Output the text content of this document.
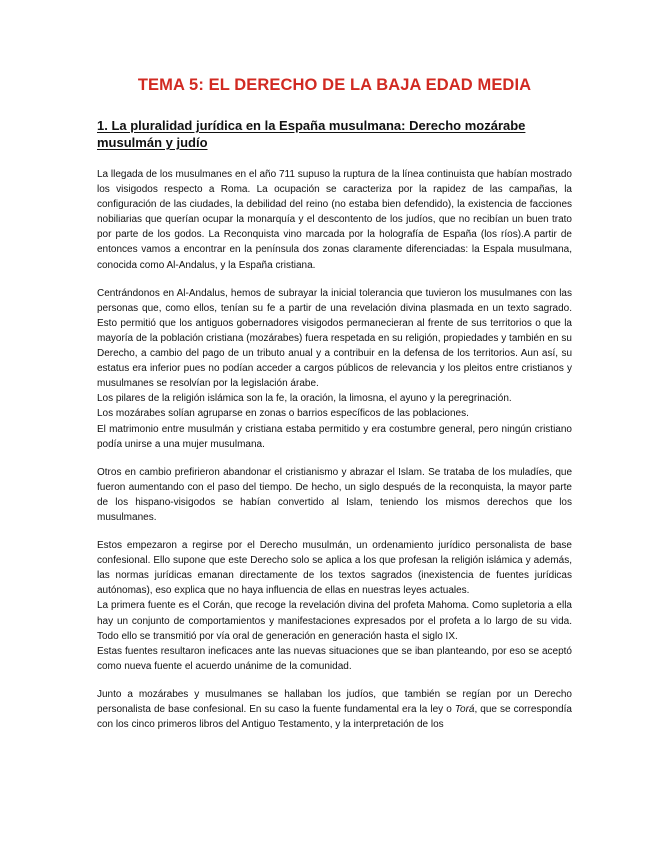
TEMA 5: EL DERECHO DE LA BAJA EDAD MEDIA
1. La pluralidad jurídica en la España musulmana: Derecho mozárabe musulmán y judío

La llegada de los musulmanes en el año 711 supuso la ruptura de la línea continuista que habían mostrado los visigodos respecto a Roma. La ocupación se caracteriza por la rapidez de las campañas, la configuración de las ciudades, la debilidad del reino (no estaba bien defendido), la existencia de facciones nobiliarias que querían ocupar la monarquía y el descontento de los judíos, que no recibían un buen trato por parte de los godos. La Reconquista vino marcada por la holografía de España (los ríos).A partir de entonces vamos a encontrar en la península dos zonas claramente diferenciadas: la Espala musulmana, conocida como Al-Andalus, y la España cristiana.

Centrándonos en Al-Andalus, hemos de subrayar la inicial tolerancia que tuvieron los musulmanes con las personas que, como ellos, tenían su fe a partir de una revelación divina plasmada en un texto sagrado. Esto permitió que los antiguos gobernadores visigodos permanecieran al frente de sus territorios o que la mayoría de la población cristiana (mozárabes) fuera respetada en su religión, propiedades y también en su Derecho, a cambio del pago de un tributo anual y a contribuir en la defensa de los territorios. Aun así, su estatus era inferior pues no podían acceder a cargos públicos de relevancia y los pleitos entre cristianos y musulmanes se resolvían por la legislación árabe.

Los pilares de la religión islámica son la fe, la oración, la limosna, el ayuno y la peregrinación.

Los mozárabes solían agruparse en zonas o barrios específicos de las poblaciones.

El matrimonio entre musulmán y cristiana estaba permitido y era costumbre general, pero ningún cristiano podía unirse a una mujer musulmana.

Otros en cambio prefirieron abandonar el cristianismo y abrazar el Islam. Se trataba de los muladíes, que fueron aumentando con el paso del tiempo. De hecho, un siglo después de la reconquista, la mayor parte de los hispano-visigodos se habían convertido al Islam, teniendo los mismos derechos que los musulmanes.

Estos empezaron a regirse por el Derecho musulmán, un ordenamiento jurídico personalista de base confesional. Ello supone que este Derecho solo se aplica a los que profesan la religión islámica y además, las normas jurídicas emanan directamente de los textos sagrados (inexistencia de fuentes jurídicas autónomas), eso explica que no haya influencia de ellas en nuestras leyes actuales.

La primera fuente es el Corán, que recoge la revelación divina del profeta Mahoma. Como supletoria a ella hay un conjunto de comportamientos y manifestaciones expresados por el profeta a lo largo de su vida. Todo ello se transmitió por vía oral de generación en generación hasta el siglo IX.

Estas fuentes resultaron ineficaces ante las nuevas situaciones que se iban planteando, por eso se aceptó como nueva fuente el acuerdo unánime de la comunidad.

Junto a mozárabes y musulmanes se hallaban los judíos, que también se regían por un Derecho personalista de base confesional. En su caso la fuente fundamental era la ley o Torá, que se correspondía con los cinco primeros libros del Antiguo Testamento, y la interpretación de los
